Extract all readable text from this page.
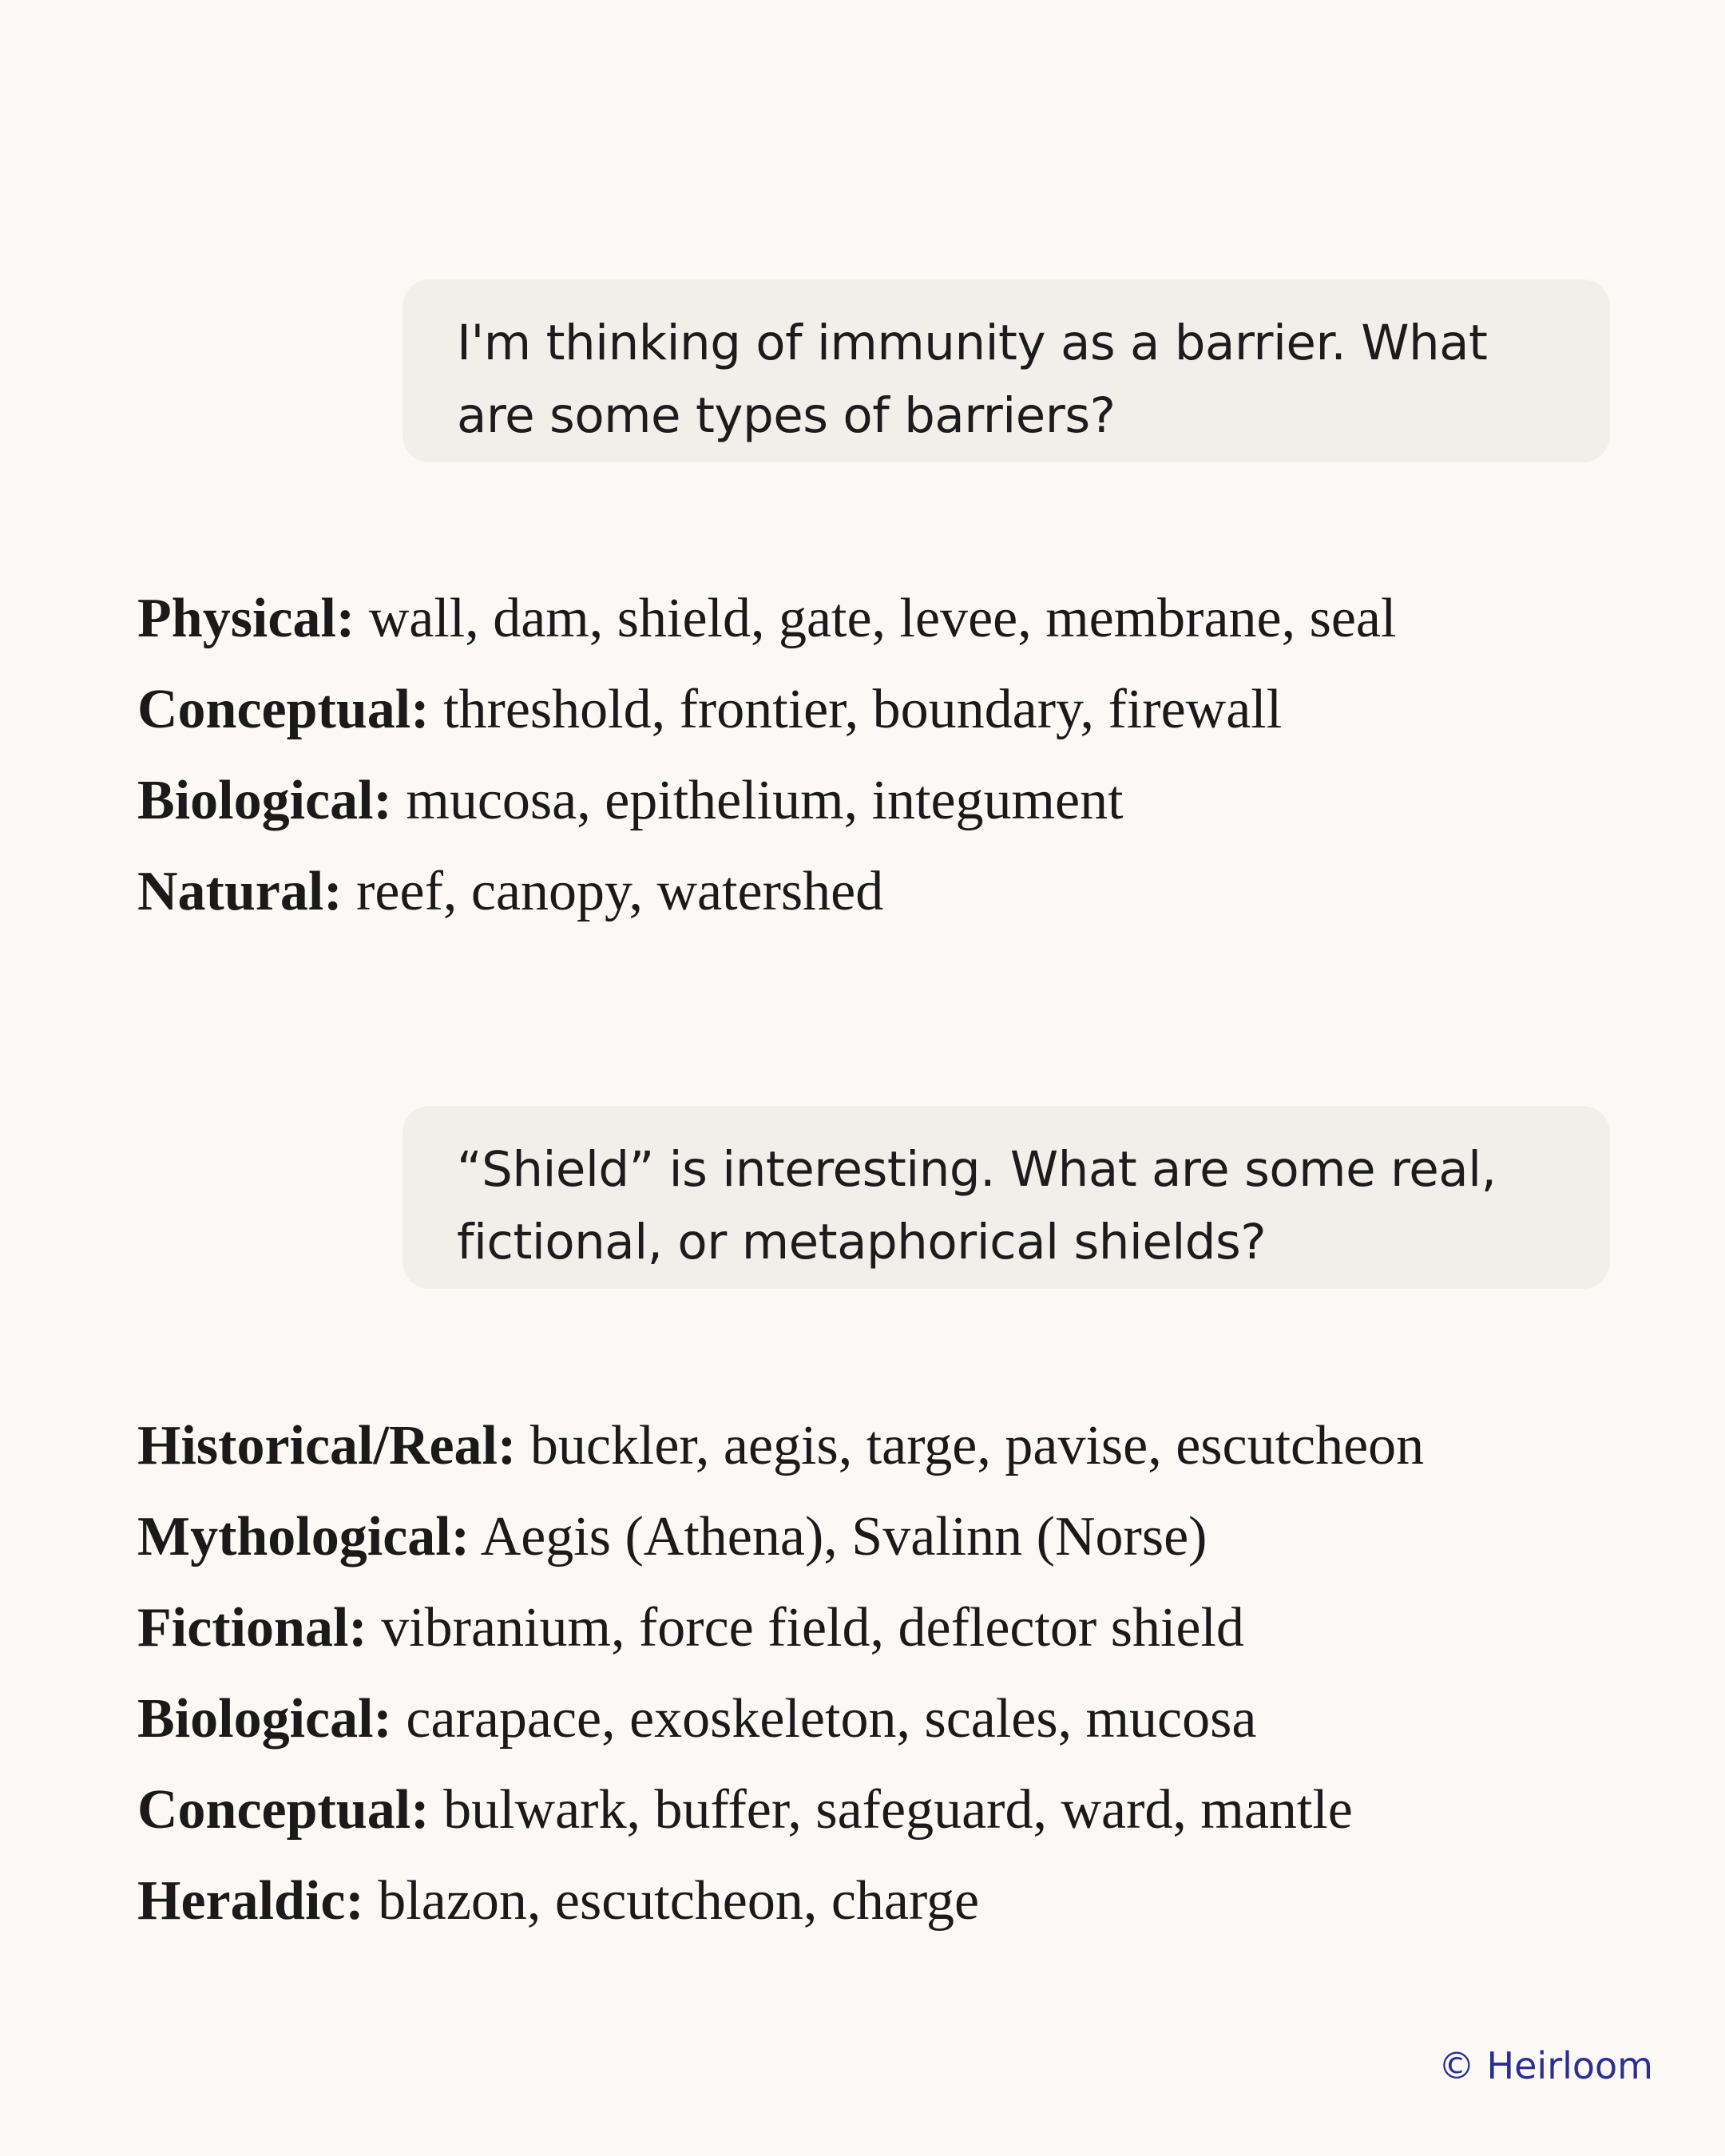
I'm thinking of immunity as a barrier. What are some types of barriers?
Physical: wall, dam, shield, gate, levee, membrane, seal
Conceptual: threshold, frontier, boundary, firewall
Biological: mucosa, epithelium, integument
Natural: reef, canopy, watershed
“Shield” is interesting. What are some real, fictional, or metaphorical shields?
Historical/Real: buckler, aegis, targe, pavise, escutcheon
Mythological: Aegis (Athena), Svalinn (Norse)
Fictional: vibranium, force field, deflector shield
Biological: carapace, exoskeleton, scales, mucosa
Conceptual: bulwark, buffer, safeguard, ward, mantle
Heraldic: blazon, escutcheon, charge
© Heirloom
